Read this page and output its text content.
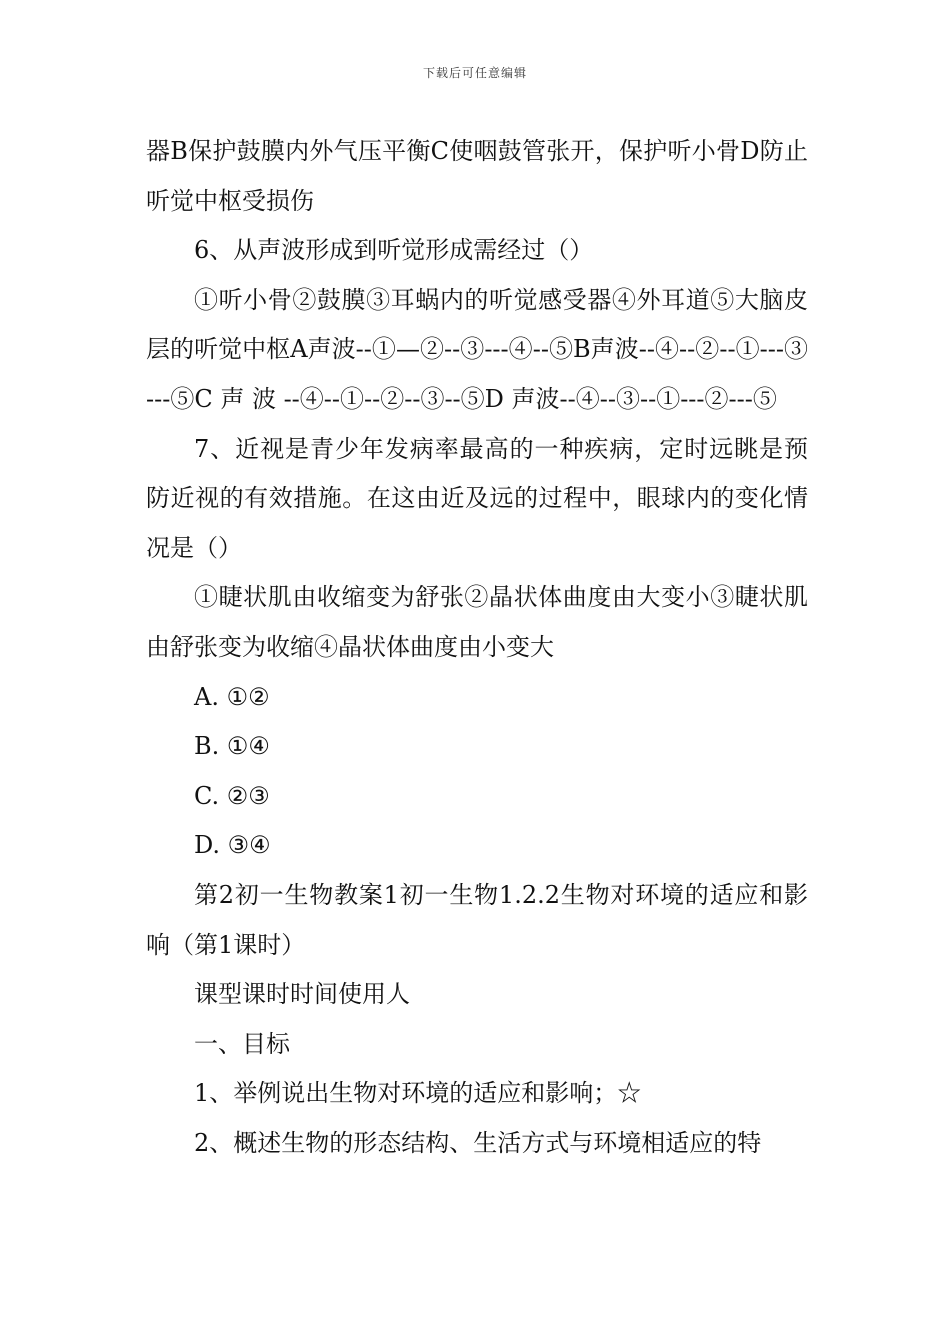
下载后可任意编辑

器B保护鼓膜内外气压平衡C使咽鼓管张开，保护听小骨D防止听觉中枢受损伤

6、从声波形成到听觉形成需经过（）

①听小骨②鼓膜③耳蜗内的听觉感受器④外耳道⑤大脑皮层的听觉中枢A声波--①—②--③---④--⑤B声波--④--②--①---③---⑤C 声 波 --④--①--②--③--⑤D 声波--④--③--①---②---⑤

7、近视是青少年发病率最高的一种疾病，定时远眺是预防近视的有效措施。在这由近及远的过程中，眼球内的变化情况是（）

①睫状肌由收缩变为舒张②晶状体曲度由大变小③睫状肌由舒张变为收缩④晶状体曲度由小变大

A. ①②

B. ①④

C. ②③

D. ③④

第2初一生物教案1初一生物1.2.2生物对环境的适应和影响（第1课时）

课型课时时间使用人

一、目标

1、举例说出生物对环境的适应和影响；☆

2、概述生物的形态结构、生活方式与环境相适应的特
